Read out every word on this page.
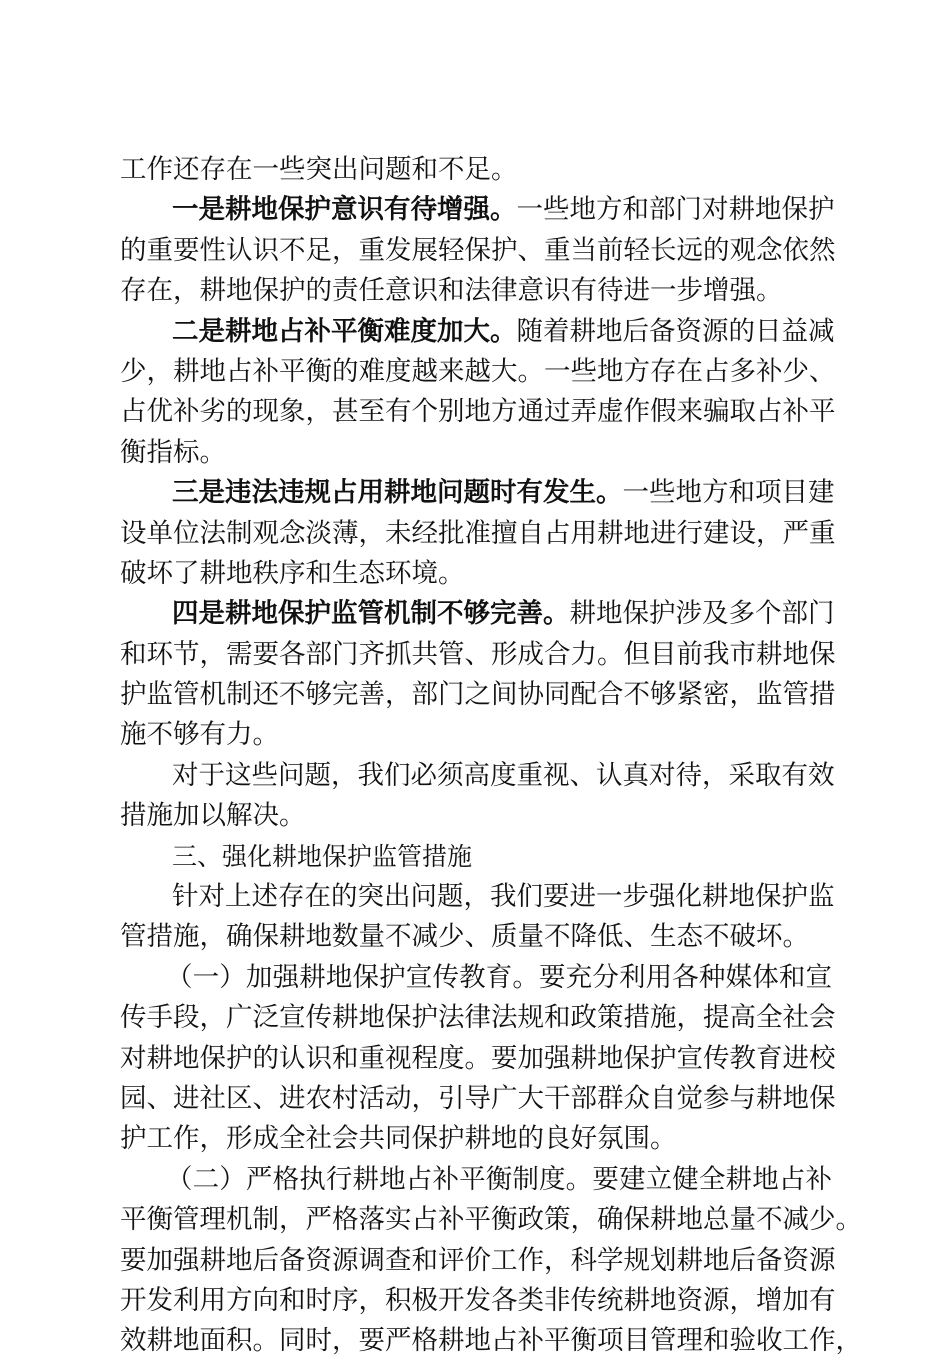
工作还存在一些突出问题和不足。
一是耕地保护意识有待增强。一些地方和部门对耕地保护
的重要性认识不足，重发展轻保护、重当前轻长远的观念依然
存在，耕地保护的责任意识和法律意识有待进一步增强。
二是耕地占补平衡难度加大。随着耕地后备资源的日益减
少，耕地占补平衡的难度越来越大。一些地方存在占多补少、
占优补劣的现象，甚至有个别地方通过弄虚作假来骗取占补平
衡指标。
三是违法违规占用耕地问题时有发生。一些地方和项目建
设单位法制观念淡薄，未经批准擅自占用耕地进行建设，严重
破坏了耕地秩序和生态环境。
四是耕地保护监管机制不够完善。耕地保护涉及多个部门
和环节，需要各部门齐抓共管、形成合力。但目前我市耕地保
护监管机制还不够完善，部门之间协同配合不够紧密，监管措
施不够有力。
对于这些问题，我们必须高度重视、认真对待，采取有效
措施加以解决。
三、强化耕地保护监管措施
针对上述存在的突出问题，我们要进一步强化耕地保护监
管措施，确保耕地数量不减少、质量不降低、生态不破坏。
（一）加强耕地保护宣传教育。要充分利用各种媒体和宣
传手段，广泛宣传耕地保护法律法规和政策措施，提高全社会
对耕地保护的认识和重视程度。要加强耕地保护宣传教育进校
园、进社区、进农村活动，引导广大干部群众自觉参与耕地保
护工作，形成全社会共同保护耕地的良好氛围。
（二）严格执行耕地占补平衡制度。要建立健全耕地占补
平衡管理机制，严格落实占补平衡政策，确保耕地总量不减少。
要加强耕地后备资源调查和评价工作，科学规划耕地后备资源
开发利用方向和时序，积极开发各类非传统耕地资源，增加有
效耕地面积。同时，要严格耕地占补平衡项目管理和验收工作，
